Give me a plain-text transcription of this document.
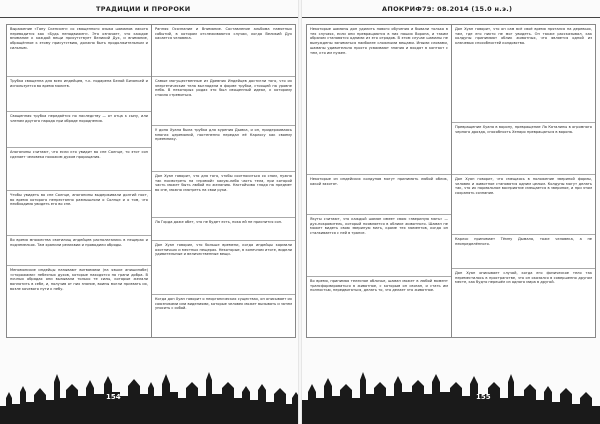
ТРАДИЦИИ И ПРОРОКИ
Выражение «Тану Скенскен» со священного языка шаманов лакота переводится как «Будь неподвижен». Это означает, что каждое внимание к каждой вещи присутствует Великий Дух, и внимание, обращённое к этому присутствию, должно быть продолжительным и сильным.
Трубка священна для всех индейцев, т.к. подарена Белой Бизоньей и используется во время молитв.
Священная трубка передаётся по наследству — от отца к сыну, или членам другого народа при обряде породнения.
Апоганины считают, что если кто увидит во сне Солнце, то этот сон сделает человека похожим духом прорицания.
Чтобы увидеть во сне Солнце, апоганины выдерживали долгий пост, во время которого непрестанно размышляли о Солнце и о том, что необходимо увидеть его во сне.
Во время множества святилищ индейцев располагались в пещерах и подземельях. Там хранили реликвии и проводили обряды.
Меномонские индейцы называют вигвамами (на языке анишинабе) «сторожами» небесных духов, которые находятся на грани добра. В ночных обрядах они вызывали только те силы, которые желали воплотить в себе, и, получив от них знание, воины могли призвать их, возле кочевого пути к небу.
Ранняя Осознание и Внимание. Составление альбома памятных событий, в котором отслеживаются случаи, когда Великий Дух касается человека.
Самые могущественные из Древних Индейцев достигли того, что их энергетические тела выглядели в форме трубки, стоящей на уровне неба. В некоторых родах это был священный идеал, к которому стоило стремиться.
У дона Хуана была трубка для курения Дымка, и он, придерживаясь многих церемоний, постепенно передал её Карлосу как своему преемнику.
Дон Хуан говорит, что для того, чтобы соотноситься со сном, нужно так посмотреть на «прямой» какую-либо часть тела, при которой часть может быть любой по желанию. Настойчиво глядя на предмет во сне, можно смотреть на свои руки.
Ла Горда даже обет, что не будет есть, пока ей не приснится сон.
Дон Хуан говорил, что больше времени, когда индейцы кормили охотничьих и местных пещерах. Некоторые, в конечном итоге, видели удивительные и величественные вещи.
Когда дон Хуан говорит о неорганических существах, он описывает их союзниками или видениями, которые человек может вызывать и затем уносить с собой.
154
АПОКРИФ79: 08.2014 (15.0 н.э.)
Некоторые шаманы дон удилить нового обучения и бывали только в тех случаях, если они превращаются в них наших Ворона, и таким образом становятся одними из его отрядов. В этом случае шаманы не вынуждены заниматься наиболее сложными вещами. Иными словами, шаманы удивительно просто усваивают знания и входят в контакт с тем, кто им нужен.
Некоторые из индейских колдунов могут принимать любой облик, какой захотят.
Якуты считают, что каждый шаман имеет свою «звериную мать» — дух-покровитель, который появляется в облике животного. Шаман не может видеть свою звериную мать, кроме тех моментов, когда он сталкивается с ней в трансе.
Во время, принимая телесное обличье, шаман может в любой момент трансформироваться в животное, с которым он связан, и стать им полностью, передвигаться, делать то, что делает это животное.
Дон Хуан говорит, что он сам всё своё время прятался на деревьях, там, где его никто не мог увидеть. Он также рассказывал, как колдуны принимают облик животных, что является одной из ключевых способностей колдовства.
Превращение Хуана в ворону, превращение Ла Каталины в огромного черного дрозда, способность Хенаро превращаться в ворона.
Дон Хуан говорит, что смещаясь в положение звериной формы, человек и животное становятся одним целым. Колдуны могут делать так, что их нормальное восприятие смещается в звериное, и при этом сохранять сознание.
Карлос принимает Тёмну Дымала, тоже человека, а не неопределённого.
Дон Хуан описывает случай, когда его физическое тело так переместилось в пространстве, что он оказался в совершенно другом месте, как будто перешёл из одного мира в другой.
155
